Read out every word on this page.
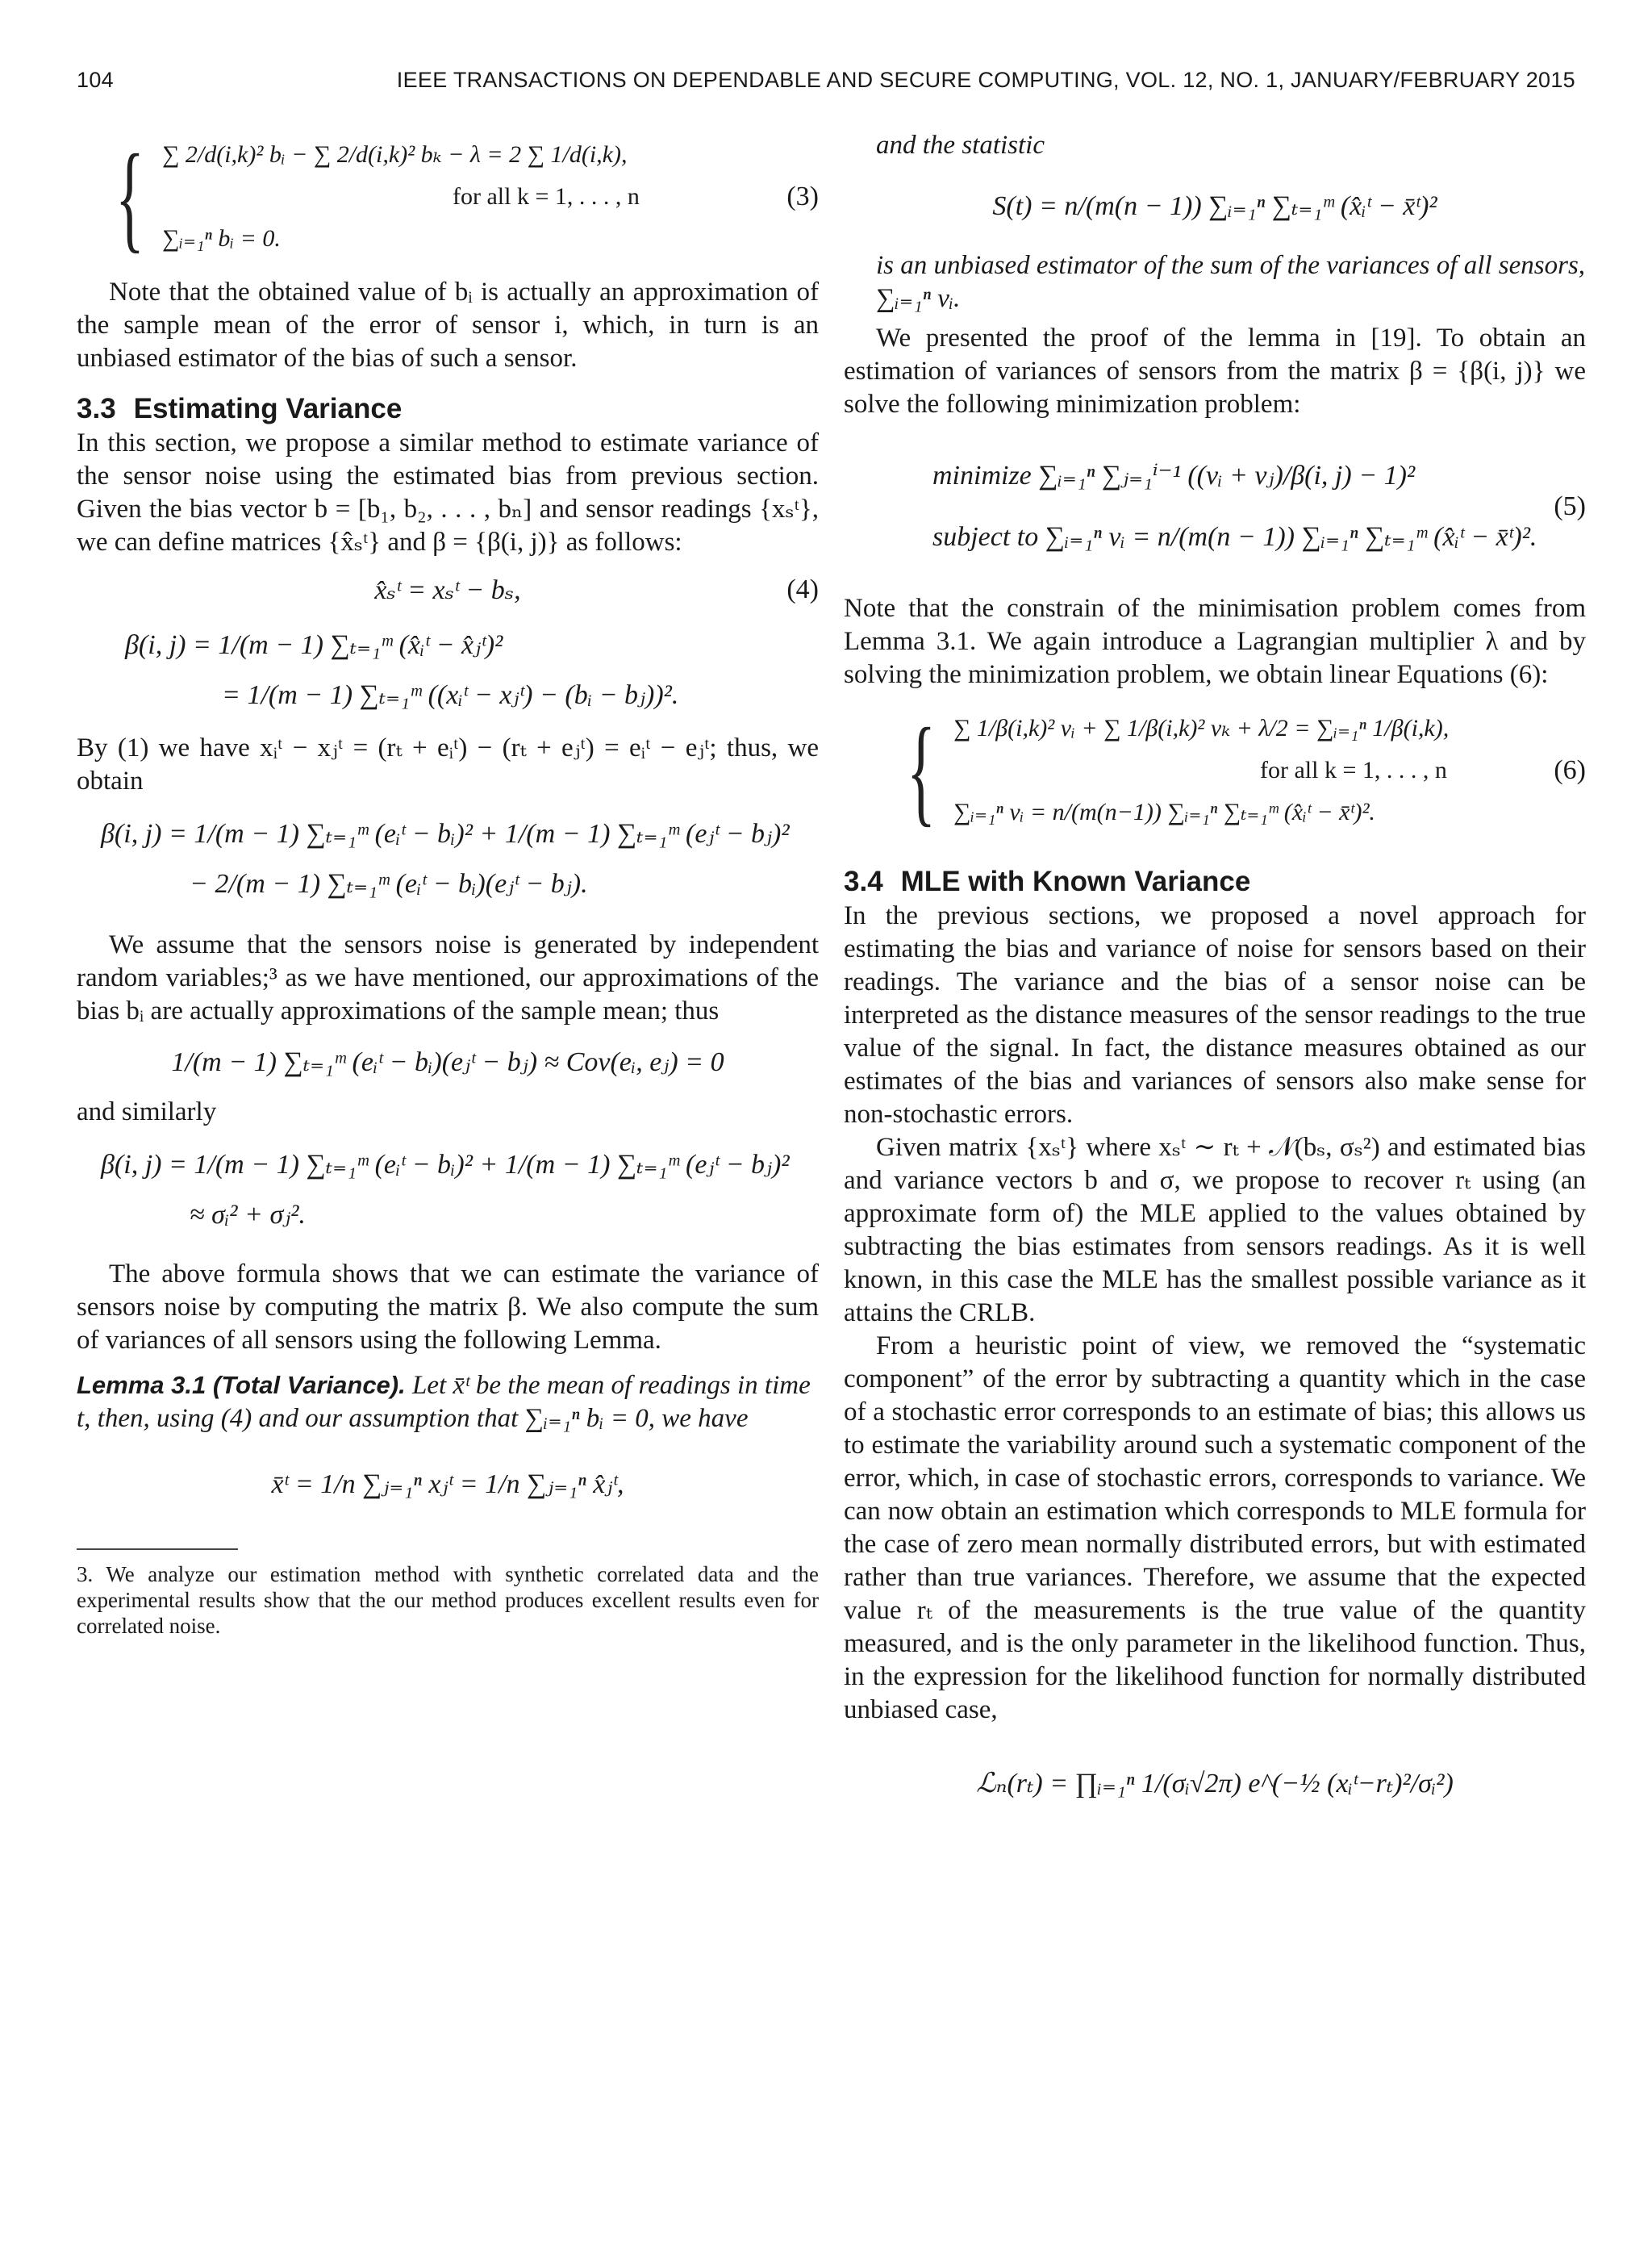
104	IEEE TRANSACTIONS ON DEPENDABLE AND SECURE COMPUTING, VOL. 12, NO. 1, JANUARY/FEBRUARY 2015
{ ∑ 2/d(i,k)² bᵢ − ∑ 2/d(i,k)² bₖ − λ = 2 ∑ 1/d(i,k),
for all k = 1, . . . , n
∑ᵢ₌₁ⁿ bᵢ = 0.
(3)

Note that the obtained value of bᵢ is actually an approximation of the sample mean of the error of sensor i, which, in turn is an unbiased estimator of the bias of such a sensor.

3.3 Estimating Variance

In this section, we propose a similar method to estimate variance of the sensor noise using the estimated bias from previous section. Given the bias vector b = [b₁, b₂, . . . , bₙ] and sensor readings {xₛᵗ}, we can define matrices {x̂ₛᵗ} and β = {β(i, j)} as follows:

x̂ₛᵗ = xₛᵗ − bₛ,	(4)
β(i, j) = 1/(m − 1) ∑ₜ₌₁ᵐ (x̂ᵢᵗ − x̂ⱼᵗ)²
= 1/(m − 1) ∑ₜ₌₁ᵐ ((xᵢᵗ − xⱼᵗ) − (bᵢ − bⱼ))².

By (1) we have xᵢᵗ − xⱼᵗ = (rₜ + eᵢᵗ) − (rₜ + eⱼᵗ) = eᵢᵗ − eⱼᵗ; thus, we obtain

β(i, j) = 1/(m − 1) ∑ₜ₌₁ᵐ (eᵢᵗ − bᵢ)² + 1/(m − 1) ∑ₜ₌₁ᵐ (eⱼᵗ − bⱼ)²
− 2/(m − 1) ∑ₜ₌₁ᵐ (eᵢᵗ − bᵢ)(eⱼᵗ − bⱼ).

We assume that the sensors noise is generated by independent random variables;³ as we have mentioned, our approximations of the bias bᵢ are actually approximations of the sample mean; thus

1/(m − 1) ∑ₜ₌₁ᵐ (eᵢᵗ − bᵢ)(eⱼᵗ − bⱼ) ≈ Cov(eᵢ, eⱼ) = 0

and similarly

β(i, j) = 1/(m − 1) ∑ₜ₌₁ᵐ (eᵢᵗ − bᵢ)² + 1/(m − 1) ∑ₜ₌₁ᵐ (eⱼᵗ − bⱼ)²
≈ σᵢ² + σⱼ².

The above formula shows that we can estimate the variance of sensors noise by computing the matrix β. We also compute the sum of variances of all sensors using the following Lemma.

Lemma 3.1 (Total Variance). Let x̄ᵗ be the mean of readings in time t, then, using (4) and our assumption that ∑ᵢ₌₁ⁿ bᵢ = 0, we have
x̄ᵗ = 1/n ∑ⱼ₌₁ⁿ xⱼᵗ = 1/n ∑ⱼ₌₁ⁿ x̂ⱼᵗ,
3. We analyze our estimation method with synthetic correlated data and the experimental results show that the our method produces excellent results even for correlated noise.
and the statistic
S(t) = n/(m(n − 1)) ∑ᵢ₌₁ⁿ ∑ₜ₌₁ᵐ (x̂ᵢᵗ − x̄ᵗ)²
is an unbiased estimator of the sum of the variances of all sensors, ∑ᵢ₌₁ⁿ vᵢ.

We presented the proof of the lemma in [19]. To obtain an estimation of variances of sensors from the matrix β = {β(i, j)} we solve the following minimization problem:

minimize ∑ᵢ₌₁ⁿ ∑ⱼ₌₁ⁱ⁻¹ ((vᵢ + vⱼ)/β(i, j) − 1)²
subject to ∑ᵢ₌₁ⁿ vᵢ = n/(m(n − 1)) ∑ᵢ₌₁ⁿ ∑ₜ₌₁ᵐ (x̂ᵢᵗ − x̄ᵗ)².
(5)

Note that the constrain of the minimisation problem comes from Lemma 3.1. We again introduce a Lagrangian multiplier λ and by solving the minimization problem, we obtain linear Equations (6):

{ ∑ 1/β(i,k)² vᵢ + ∑ 1/β(i,k)² vₖ + λ/2 = ∑ᵢ₌₁ⁿ 1/β(i,k),
for all k = 1, . . . , n
∑ᵢ₌₁ⁿ vᵢ = n/(m(n−1)) ∑ᵢ₌₁ⁿ ∑ₜ₌₁ᵐ (x̂ᵢᵗ − x̄ᵗ)².
(6)
3.4 MLE with Known Variance

In the previous sections, we proposed a novel approach for estimating the bias and variance of noise for sensors based on their readings. The variance and the bias of a sensor noise can be interpreted as the distance measures of the sensor readings to the true value of the signal. In fact, the distance measures obtained as our estimates of the bias and variances of sensors also make sense for non-stochastic errors.

Given matrix {xₛᵗ} where xₛᵗ ∼ rₜ + 𝒩(bₛ, σₛ²) and estimated bias and variance vectors b and σ, we propose to recover rₜ using (an approximate form of) the MLE applied to the values obtained by subtracting the bias estimates from sensors readings. As it is well known, in this case the MLE has the smallest possible variance as it attains the CRLB.

From a heuristic point of view, we removed the “systematic component” of the error by subtracting a quantity which in the case of a stochastic error corresponds to an estimate of bias; this allows us to estimate the variability around such a systematic component of the error, which, in case of stochastic errors, corresponds to variance. We can now obtain an estimation which corresponds to MLE formula for the case of zero mean normally distributed errors, but with estimated rather than true variances. Therefore, we assume that the expected value rₜ of the measurements is the true value of the quantity measured, and is the only parameter in the likelihood function. Thus, in the expression for the likelihood function for normally distributed unbiased case,

ℒₙ(rₜ) = ∏ᵢ₌₁ⁿ 1/(σᵢ√2π) e^(−½ (xᵢᵗ−rₜ)²/σᵢ²)
